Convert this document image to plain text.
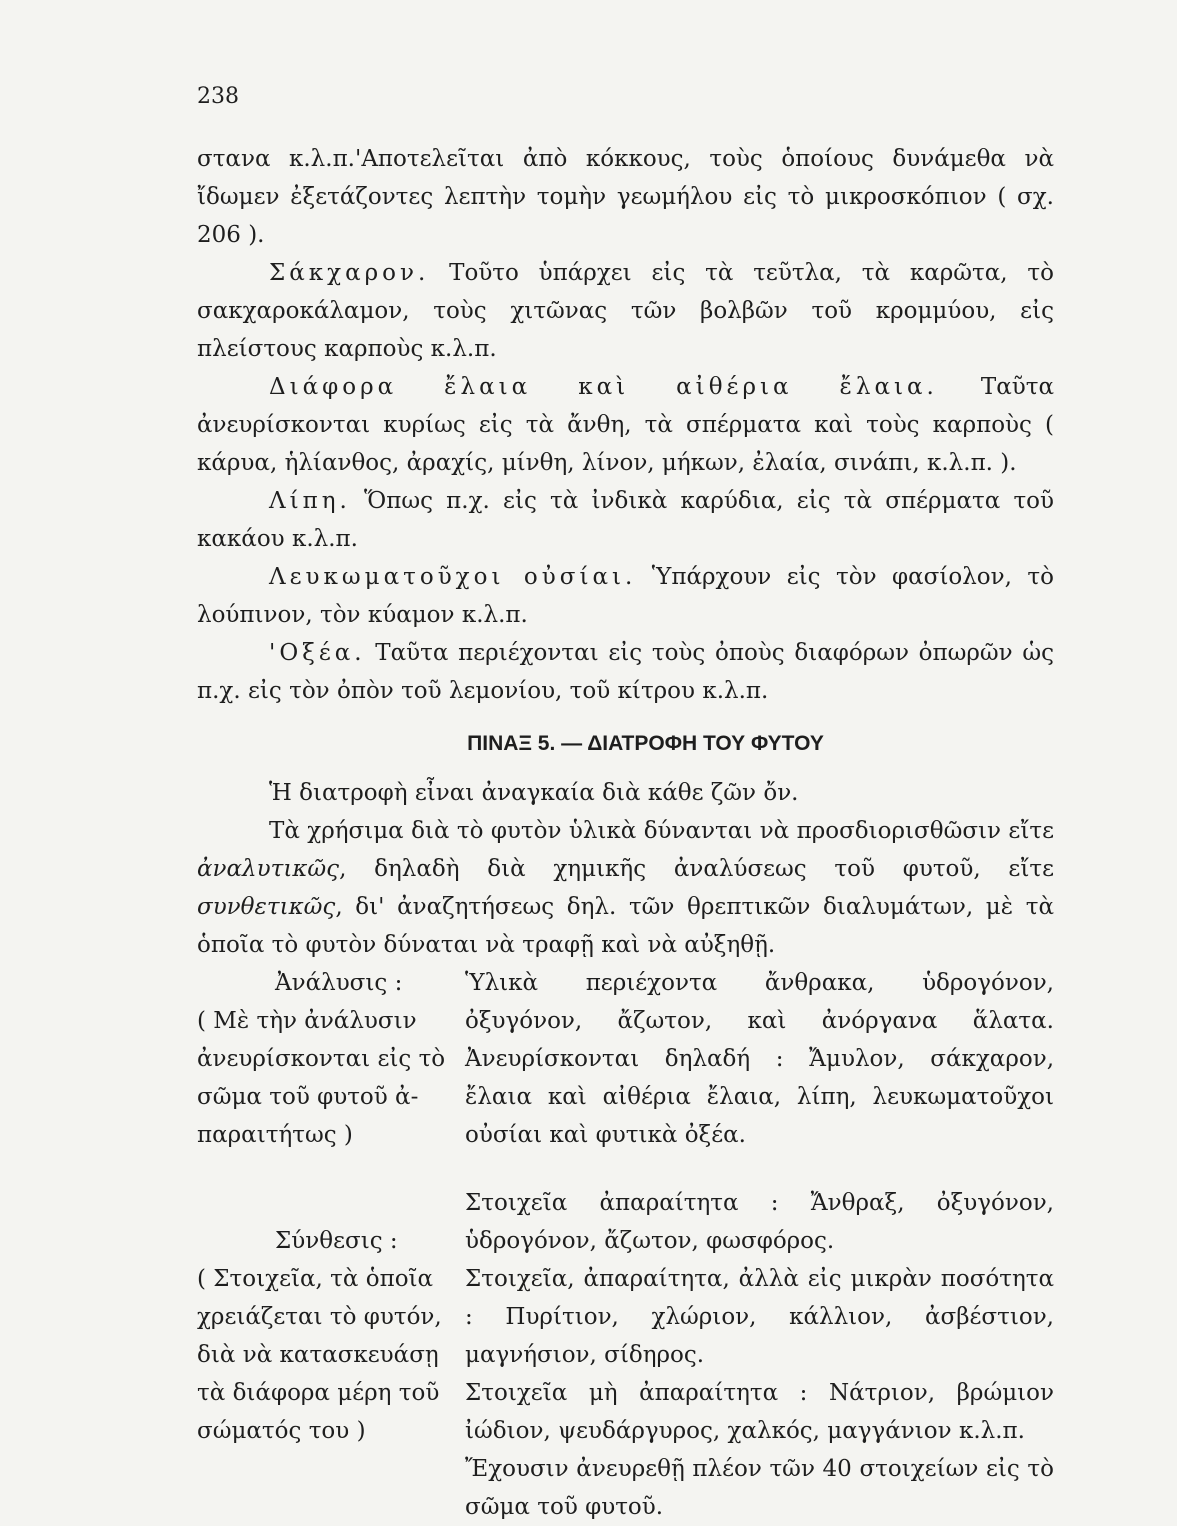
238

στανα κ.λ.π.'Αποτελεῖται ἀπὸ κόκκους, τοὺς ὁποίους δυνάμεθα νὰ ἴδωμεν ἐξετάζοντες λεπτὴν τομὴν γεωμήλου εἰς τὸ μικροσκόπιον ( σχ. 206 ).

Σάκχαρον. Τοῦτο ὑπάρχει εἰς τὰ τεῦτλα, τὰ καρῶτα, τὸ σακχαροκάλαμον, τοὺς χιτῶνας τῶν βολβῶν τοῦ κρομμύου, εἰς πλείστους καρποὺς κ.λ.π.

Διάφορα ἔλαια καὶ αἰθέρια ἔλαια. Ταῦτα ἀνευρίσκονται κυρίως εἰς τὰ ἄνθη, τὰ σπέρματα καὶ τοὺς καρποὺς ( κάρυα, ἡλίανθος, ἀραχίς, μίνθη, λίνον, μήκων, ἐλαία, σινάπι, κ.λ.π. ).

Λίπη. Ὅπως π.χ. εἰς τὰ ἰνδικὰ καρύδια, εἰς τὰ σπέρματα τοῦ κακάου κ.λ.π.

Λευκωματοῦχοι οὐσίαι. Ὑπάρχουν εἰς τὸν φασίολον, τὸ λούπινον, τὸν κύαμον κ.λ.π.

'Οξέα. Ταῦτα περιέχονται εἰς τοὺς ὀποὺς διαφόρων ὀπωρῶν ὡς π.χ. εἰς τὸν ὀπὸν τοῦ λεμονίου, τοῦ κίτρου κ.λ.π.

ΠΙΝΑΞ 5. — ΔΙΑΤΡΟΦΗ ΤΟΥ ΦΥΤΟΥ

Ἡ διατροφὴ εἶναι ἀναγκαία διὰ κάθε ζῶν ὄν.

Τὰ χρήσιμα διὰ τὸ φυτὸν ὑλικὰ δύνανται νὰ προσδιορισθῶσιν εἴτε ἀναλυτικῶς, δηλαδὴ διὰ χημικῆς ἀναλύσεως τοῦ φυτοῦ, εἴτε συνθετικῶς, δι' ἀναζητήσεως δηλ. τῶν θρεπτικῶν διαλυμάτων, μὲ τὰ ὁποῖα τὸ φυτὸν δύναται νὰ τραφῇ καὶ νὰ αὐξηθῇ.

Ἀνάλυσις :

( Μὲ τὴν ἀνάλυσιν ἀνευρίσκονται εἰς τὸ σῶμα τοῦ φυτοῦ ἀ- παραιτήτως )

Ὑλικὰ περιέχοντα ἄνθρακα, ὑδρογόνον, ὀξυγόνον, ἄζωτον, καὶ ἀνόργανα ἅλατα. Ἀνευρίσκονται δηλαδή : Ἄμυλον, σάκχαρον, ἔλαια καὶ αἰθέρια ἔλαια, λίπη, λευκωματοῦχοι οὐσίαι καὶ φυτικὰ ὀξέα.

Σύνθεσις :

( Στοιχεῖα, τὰ ὁποῖα χρειάζεται τὸ φυτόν, διὰ νὰ κατασκευάσῃ τὰ διάφορα μέρη τοῦ σώματός του )

Στοιχεῖα ἀπαραίτητα : Ἄνθραξ, ὀξυγόνον, ὑδρογόνον, ἄζωτον, φωσφόρος.

Στοιχεῖα, ἀπαραίτητα, ἀλλὰ εἰς μικρὰν ποσότητα : Πυρίτιον, χλώριον, κάλλιον, ἀσβέστιον, μαγνήσιον, σίδηρος.

Στοιχεῖα μὴ ἀπαραίτητα : Νάτριον, βρώμιον ἰώδιον, ψευδάργυρος, χαλκός, μαγγάνιον κ.λ.π.

Ἔχουσιν ἀνευρεθῇ πλέον τῶν 40 στοιχείων εἰς τὸ σῶμα τοῦ φυτοῦ.
